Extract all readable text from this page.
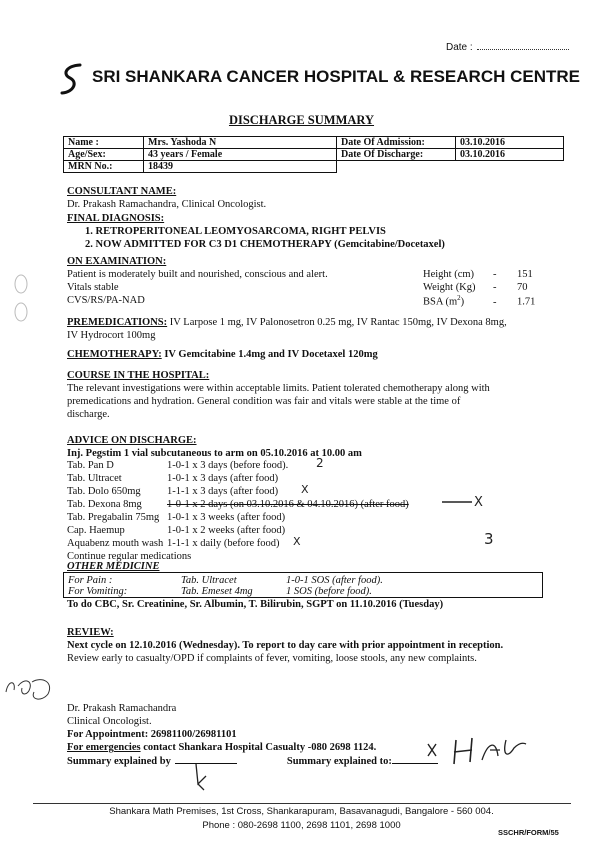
Date :
SRI SHANKARA CANCER HOSPITAL & RESEARCH CENTRE
DISCHARGE SUMMARY
Name :	Mrs. Yashoda N	Date Of Admission:	03.10.2016
Age/Sex:	43 years / Female	Date Of Discharge:	03.10.2016
MRN No.:	18439		
CONSULTANT NAME:
Dr. Prakash Ramachandra, Clinical Oncologist.
FINAL DIAGNOSIS:
1. RETROPERITONEAL LEOMYOSARCOMA, RIGHT PELVIS
2. NOW ADMITTED FOR C3 D1 CHEMOTHERAPY (Gemcitabine/Docetaxel)
ON EXAMINATION:
Patient is moderately built and nourished, conscious and alert.
Vitals stable
CVS/RS/PA-NAD
Height (cm) - 151
Weight (Kg) - 70
BSA $(m^2)$	- 1.71
PREMEDICATIONS: IV Larpose 1 mg, IV Palonosetron 0.25 mg, IV Rantac 150mg, IV Dexona 8mg,
IV Hydrocort 100mg
CHEMOTHERAPY: IV Gemcitabine 1.4mg and IV Docetaxel 120mg
COURSE IN THE HOSPITAL:
The relevant investigations were within acceptable limits. Patient tolerated chemotherapy along with
premedications and hydration. General condition was fair and vitals were stable at the time of
discharge.
ADVICE ON DISCHARGE:
Inj. Pegstim 1 vial subcutaneous to arm on 05.10.2016 at 10.00 am
Tab. Pan D	1-0-1 x 3 days (before food).
Tab. Ultracet	1-0-1 x 3 days (after food)
Tab. Dolo 650mg	1-1-1 x 3 days (after food)
Tab. Dexona 8mg 1-0-1 x 2 days (on 03.10.2016 & 04.10.2016) (after food)
Tab. Pregabalin 75mg 1-0-1 x 3 weeks (after food)
Cap. Haemup	1-0-1 x 2 weeks (after food)
Aquabenz mouth wash 1-1-1 x daily (before food)
Continue regular medications
2
X
X
X
3
OTHER MEDICINE
For Pain :	Tab. Ultracet	1-0-1 SOS (after food).
For Vomiting:	Tab. Emeset 4mg	1 SOS (before food).
To do CBC, Sr. Creatinine, Sr. Albumin, T. Bilirubin, SGPT on 11.10.2016 (Tuesday)
REVIEW:
Next cycle on 12.10.2016 (Wednesday). To report to day care with prior appointment in reception.
Review early to casualty/OPD if complaints of fever, vomiting, loose stools, any new complaints.
Dr. Prakash Ramachandra
Clinical Oncologist.
For Appointment: 26981100/26981101
For emergencies contact Shankara Hospital Casualty -080 2698 1124.
Summary explained by	Summary explained to:
Shankara Math Premises, 1st Cross, Shankarapuram, Basavanagudi, Bangalore - 560 004.
Phone : 080-2698 1100, 2698 1101, 2698 1000
SSCHR/FORM/55
